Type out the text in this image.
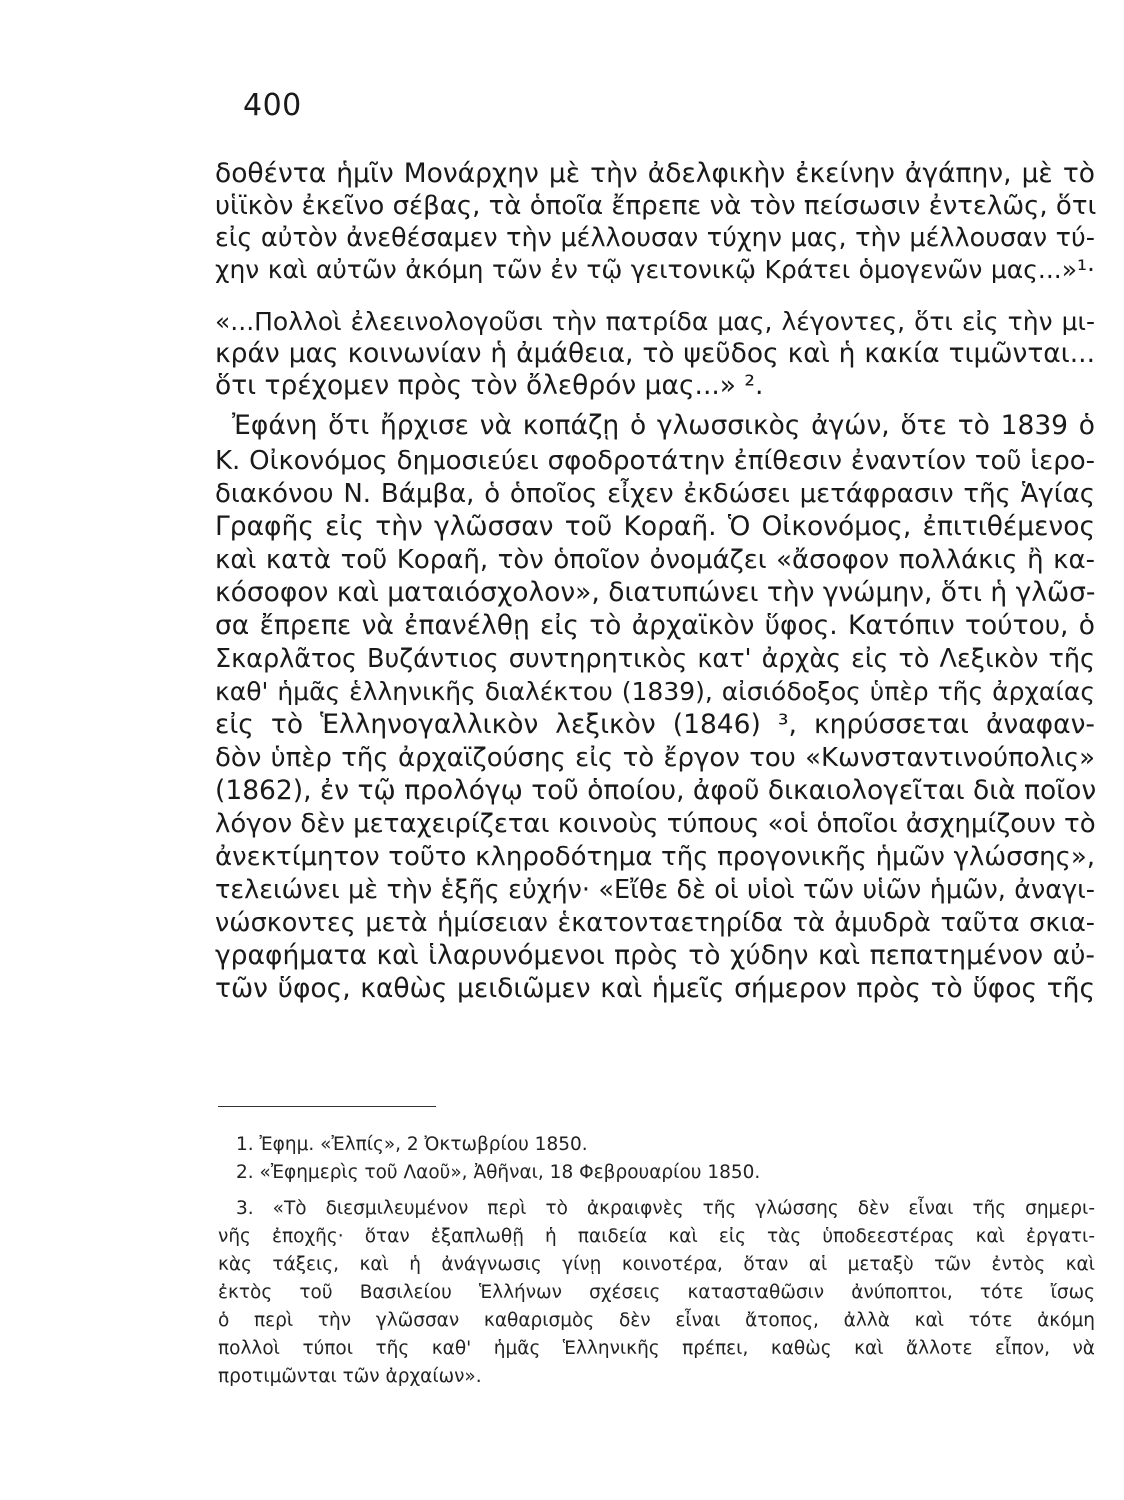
400
δοθέντα ἡμῖν Μονάρχην μὲ τὴν ἀδελφικὴν ἐκείνην ἀγάπην, μὲ τὸ
υἱϊκὸν ἐκεῖνο σέβας, τὰ ὁποῖα ἔπρεπε νὰ τὸν πείσωσιν ἐντελῶς, ὅτι
εἰς αὐτὸν ἀνεθέσαμεν τὴν μέλλουσαν τύχην μας, τὴν μέλλουσαν τύ-
χην καὶ αὐτῶν ἀκόμη τῶν ἐν τῷ γειτονικῷ Κράτει ὁμογενῶν μας...»¹·
«...Πολλοὶ ἐλεεινολογοῦσι τὴν πατρίδα μας, λέγοντες, ὅτι εἰς τὴν μι-
κράν μας κοινωνίαν ἡ ἀμάθεια, τὸ ψεῦδος καὶ ἡ κακία τιμῶνται...
ὅτι τρέχομεν πρὸς τὸν ὄλεθρόν μας...» ².
Ἐφάνη ὅτι ἤρχισε νὰ κοπάζῃ ὁ γλωσσικὸς ἀγών, ὅτε τὸ 1839 ὁ
Κ. Οἰκονόμος δημοσιεύει σφοδροτάτην ἐπίθεσιν ἐναντίον τοῦ ἱερο-
διακόνου Ν. Βάμβα, ὁ ὁποῖος εἶχεν ἐκδώσει μετάφρασιν τῆς Ἁγίας
Γραφῆς εἰς τὴν γλῶσσαν τοῦ Κοραῆ. Ὁ Οἰκονόμος, ἐπιτιθέμενος
καὶ κατὰ τοῦ Κοραῆ, τὸν ὁποῖον ὀνομάζει «ἄσοφον πολλάκις ἢ κα-
κόσοφον καὶ ματαιόσχολον», διατυπώνει τὴν γνώμην, ὅτι ἡ γλῶσ-
σα ἔπρεπε νὰ ἐπανέλθῃ εἰς τὸ ἀρχαϊκὸν ὕφος. Κατόπιν τούτου, ὁ
Σκαρλᾶτος Βυζάντιος συντηρητικὸς κατ' ἀρχὰς εἰς τὸ Λεξικὸν τῆς
καθ' ἡμᾶς ἑλληνικῆς διαλέκτου (1839), αἰσιόδοξος ὑπὲρ τῆς ἀρχαίας
εἰς τὸ Ἑλληνογαλλικὸν λεξικὸν (1846) ³, κηρύσσεται ἀναφαν-
δὸν ὑπὲρ τῆς ἀρχαϊζούσης εἰς τὸ ἔργον του «Κωνσταντινούπολις»
(1862), ἐν τῷ προλόγῳ τοῦ ὁποίου, ἀφοῦ δικαιολογεῖται διὰ ποῖον
λόγον δὲν μεταχειρίζεται κοινοὺς τύπους «οἱ ὁποῖοι ἀσχημίζουν τὸ
ἀνεκτίμητον τοῦτο κληροδότημα τῆς προγονικῆς ἡμῶν γλώσσης»,
τελειώνει μὲ τὴν ἑξῆς εὐχήν· «Εἴθε δὲ οἱ υἱοὶ τῶν υἱῶν ἡμῶν, ἀναγι-
νώσκοντες μετὰ ἡμίσειαν ἑκατονταετηρίδα τὰ ἀμυδρὰ ταῦτα σκια-
γραφήματα καὶ ἱλαρυνόμενοι πρὸς τὸ χύδην καὶ πεπατημένον αὐ-
τῶν ὕφος, καθὼς μειδιῶμεν καὶ ἡμεῖς σήμερον πρὸς τὸ ὕφος τῆς
1. Ἐφημ. «Ἐλπίς», 2 Ὀκτωβρίου 1850.
2. «Ἐφημερὶς τοῦ Λαοῦ», Ἀθῆναι, 18 Φεβρουαρίου 1850.
3. «Τὸ διεσμιλευμένον περὶ τὸ ἀκραιφνὲς τῆς γλώσσης δὲν εἶναι τῆς σημερι-
νῆς ἐποχῆς· ὅταν ἐξαπλωθῇ ἡ παιδεία καὶ εἰς τὰς ὑποδεεστέρας καὶ ἐργατι-
κὰς τάξεις, καὶ ἡ ἀνάγνωσις γίνῃ κοινοτέρα, ὅταν αἱ μεταξὺ τῶν ἐντὸς καὶ
ἐκτὸς τοῦ Βασιλείου Ἑλλήνων σχέσεις κατασταθῶσιν ἀνύποπτοι, τότε ἴσως
ὁ περὶ τὴν γλῶσσαν καθαρισμὸς δὲν εἶναι ἄτοπος, ἀλλὰ καὶ τότε ἀκόμη
πολλοὶ τύποι τῆς καθ' ἡμᾶς Ἑλληνικῆς πρέπει, καθὼς καὶ ἄλλοτε εἶπον, νὰ
προτιμῶνται τῶν ἀρχαίων».
